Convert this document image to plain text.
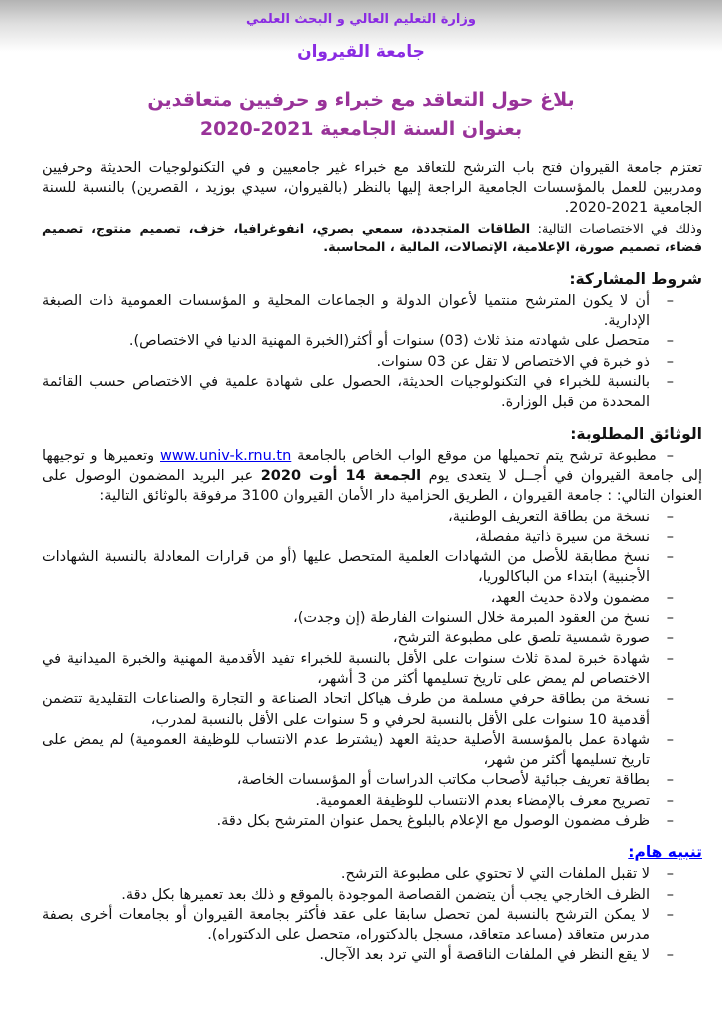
وزارة التعليم العالي و البحث العلمي
جامعة القيروان
بلاغ حول التعاقد مع خبراء و حرفيين متعاقدين
بعنوان السنة الجامعية 2021-2020

تعتزم جامعة القيروان فتح باب الترشح للتعاقد مع خبراء غير جامعيين و في التكنولوجيات الحديثة وحرفيين ومدربين للعمل بالمؤسسات الجامعية الراجعة إليها بالنظر (بالقيروان، سيدي بوزيد ، القصرين) بالنسبة للسنة الجامعية 2021-2020.

وذلك في الاختصاصات التالية: الطاقات المتجددة، سمعي بصري، انفوغرافيا، خزف، تصميم منتوج، تصميم فضاء، تصميم صورة، الإعلامية، الإتصالات، المالية ، المحاسبة.

شروط المشاركة:
– أن لا يكون المترشح منتميا لأعوان الدولة و الجماعات المحلية و المؤسسات العمومية ذات الصبغة الإدارية.
– متحصل على شهادته منذ ثلاث (03) سنوات أو أكثر(الخبرة المهنية الدنيا في الاختصاص).
– ذو خبرة في الاختصاص لا تقل عن 03 سنوات.
– بالنسبة للخبراء في التكنولوجيات الحديثة، الحصول على شهادة علمية في الاختصاص حسب القائمة المحددة من قبل الوزارة.
الوثائق المطلوبة:

–مطبوعة ترشح يتم تحميلها من موقع الواب الخاص بالجامعة www.univ-k.rnu.tn وتعميرها و توجيهها إلى جامعة القيروان في أجــل لا يتعدى يوم الجمعة 14 أوت 2020 عبر البريد المضمون الوصول على العنوان التالي: : جامعة القيروان ، الطريق الحزامية دار الأمان القيروان 3100 مرفوقة بالوثائق التالية:

– نسخة من بطاقة التعريف الوطنية،
– نسخة من سيرة ذاتية مفصلة،
– نسخ مطابقة للأصل من الشهادات العلمية المتحصل عليها (أو من قرارات المعادلة بالنسبة الشهادات الأجنبية) ابتداء من الباكالوريا،
– مضمون ولادة حديث العهد،
– نسخ من العقود المبرمة خلال السنوات الفارطة (إن وجدت)،
– صورة شمسية تلصق على مطبوعة الترشح،
– شهادة خبرة لمدة ثلاث سنوات على الأقل بالنسبة للخبراء تفيد الأقدمية المهنية والخبرة الميدانية في الاختصاص لم يمض على تاريخ تسليمها أكثر من 3 أشهر،
– نسخة من بطاقة حرفي مسلمة من طرف هياكل اتحاد الصناعة و التجارة والصناعات التقليدية تتضمن أقدمية 10 سنوات على الأقل بالنسبة لحرفي و 5 سنوات على الأقل بالنسبة لمدرب،
– شهادة عمل بالمؤسسة الأصلية حديثة العهد (يشترط عدم الانتساب للوظيفة العمومية) لم يمض على تاريخ تسليمها أكثر من شهر،
– بطاقة تعريف جبائية لأصحاب مكاتب الدراسات أو المؤسسات الخاصة،
– تصريح معرف بالإمضاء بعدم الانتساب للوظيفة العمومية.
– ظرف مضمون الوصول مع الإعلام بالبلوغ يحمل عنوان المترشح بكل دقة.
تنبيه هام:
– لا تقبل الملفات التي لا تحتوي على مطبوعة الترشح.
– الظرف الخارجي يجب أن يتضمن القصاصة الموجودة بالموقع و ذلك بعد تعميرها بكل دقة.
– لا يمكن الترشح بالنسبة لمن تحصل سابقا على عقد فأكثر بجامعة القيروان أو بجامعات أخرى بصفة مدرس متعاقد (مساعد متعاقد، مسجل بالدكتوراه، متحصل على الدكتوراه).
– لا يقع النظر في الملفات الناقصة أو التي ترد بعد الآجال.
